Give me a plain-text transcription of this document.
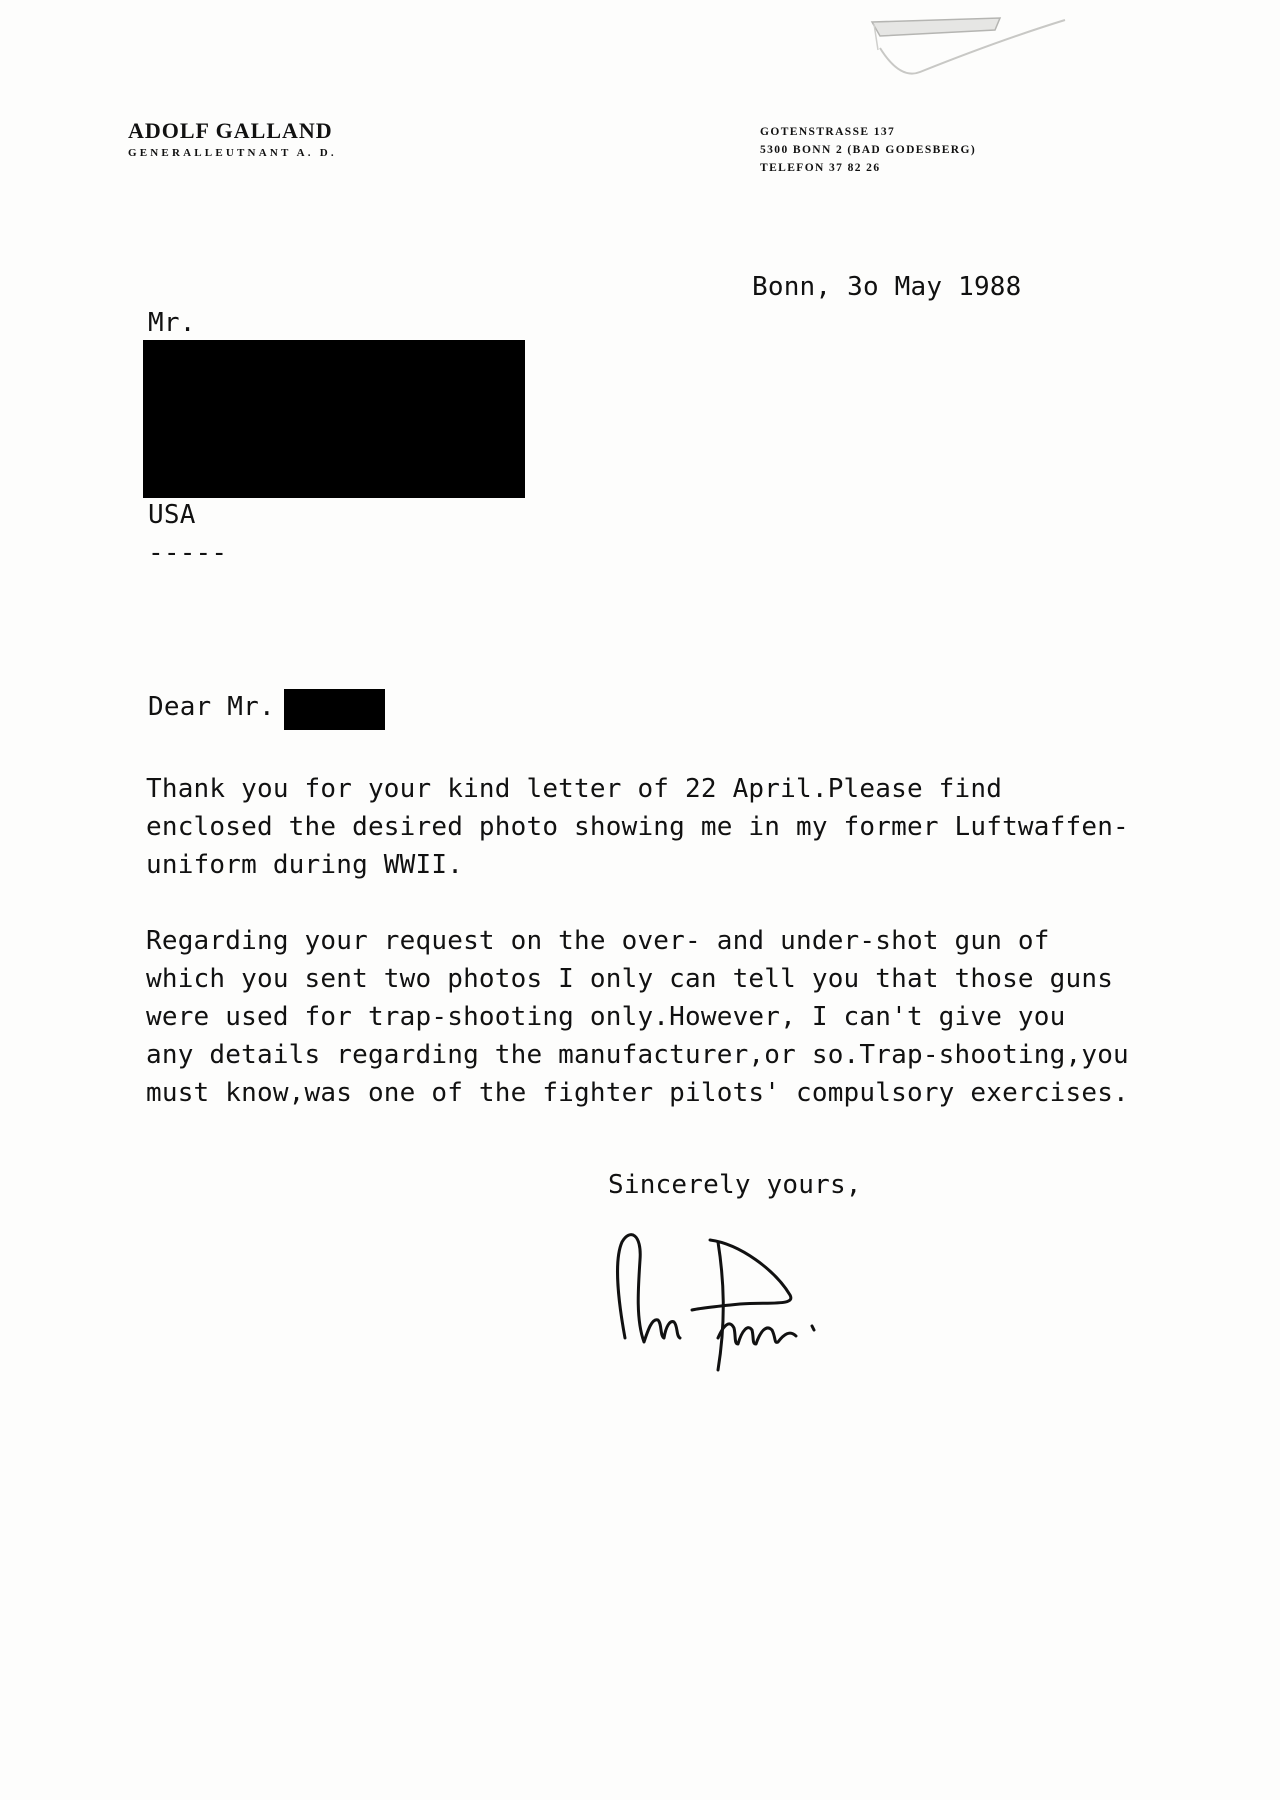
ADOLF GALLAND
GENERALLEUTNANT A. D.
GOTENSTRASSE 137
5300 BONN 2 (BAD GODESBERG)
TELEFON 37 82 26
Bonn, 3o May 1988
Mr.
USA
-----
Dear Mr.
Thank you for your kind letter of 22 April.Please find
enclosed the desired photo showing me in my former Luftwaffen-
uniform during WWII.
Regarding your request on the over- and under-shot gun of
which you sent two photos I only can tell you that those guns
were used for trap-shooting only.However, I can't give you
any details regarding the manufacturer,or so.Trap-shooting,you
must know,was one of the fighter pilots' compulsory exercises.
Sincerely yours,
